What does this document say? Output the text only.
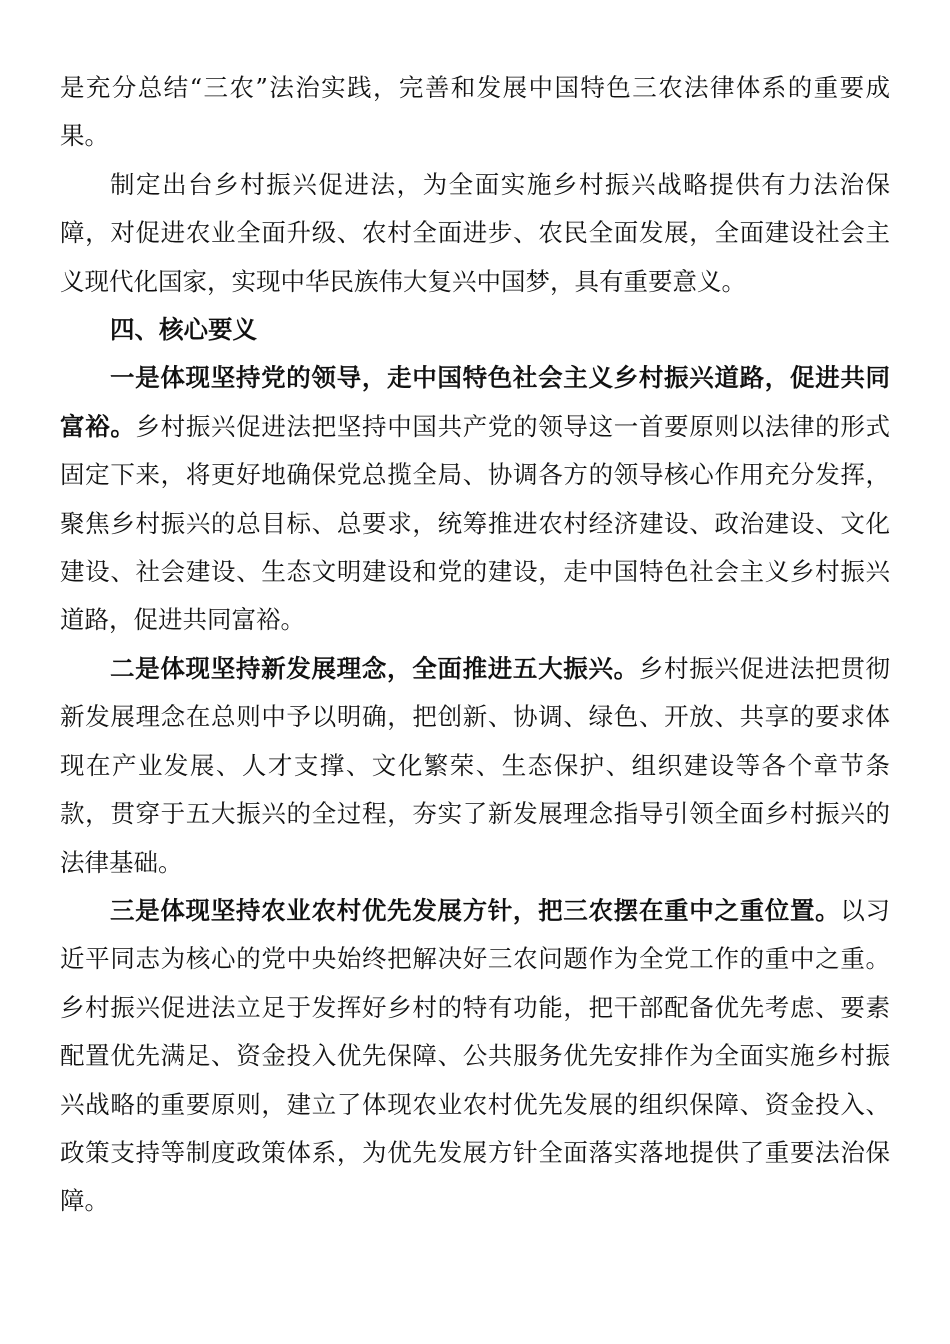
是充分总结“三农”法治实践，完善和发展中国特色三农法律体系的重要成果。

制定出台乡村振兴促进法，为全面实施乡村振兴战略提供有力法治保障，对促进农业全面升级、农村全面进步、农民全面发展，全面建设社会主义现代化国家，实现中华民族伟大复兴中国梦，具有重要意义。

四、核心要义

一是体现坚持党的领导，走中国特色社会主义乡村振兴道路，促进共同富裕。乡村振兴促进法把坚持中国共产党的领导这一首要原则以法律的形式固定下来，将更好地确保党总揽全局、协调各方的领导核心作用充分发挥，聚焦乡村振兴的总目标、总要求，统筹推进农村经济建设、政治建设、文化建设、社会建设、生态文明建设和党的建设，走中国特色社会主义乡村振兴道路，促进共同富裕。

二是体现坚持新发展理念，全面推进五大振兴。乡村振兴促进法把贯彻新发展理念在总则中予以明确，把创新、协调、绿色、开放、共享的要求体现在产业发展、人才支撑、文化繁荣、生态保护、组织建设等各个章节条款，贯穿于五大振兴的全过程，夯实了新发展理念指导引领全面乡村振兴的法律基础。

三是体现坚持农业农村优先发展方针，把三农摆在重中之重位置。以习近平同志为核心的党中央始终把解决好三农问题作为全党工作的重中之重。乡村振兴促进法立足于发挥好乡村的特有功能，把干部配备优先考虑、要素配置优先满足、资金投入优先保障、公共服务优先安排作为全面实施乡村振兴战略的重要原则，建立了体现农业农村优先发展的组织保障、资金投入、政策支持等制度政策体系，为优先发展方针全面落实落地提供了重要法治保障。
